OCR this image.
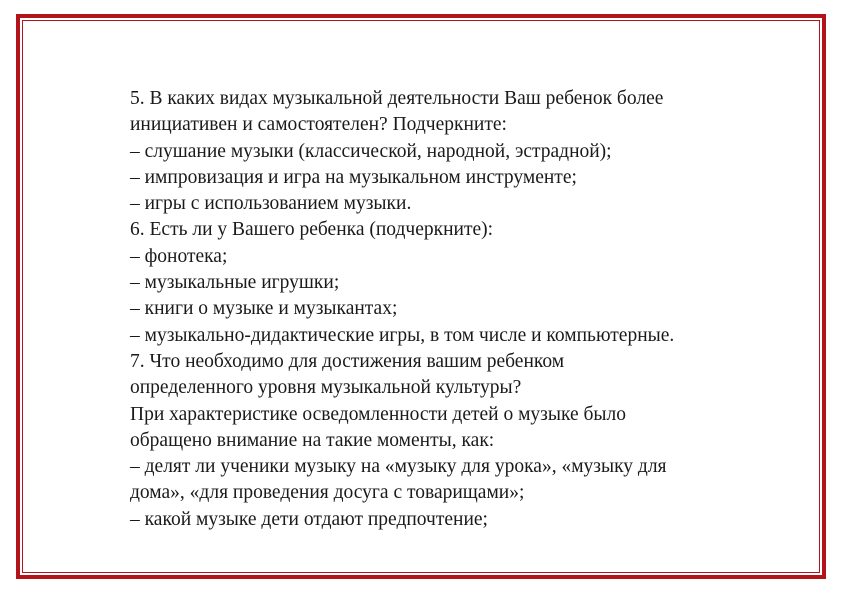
5. В каких видах музыкальной деятельности Ваш ребенок более
инициативен и самостоятелен? Подчеркните:
– слушание музыки (классической, народной, эстрадной);
– импровизация и игра на музыкальном инструменте;
– игры с использованием музыки.
6. Есть ли у Вашего ребенка (подчеркните):
– фонотека;
– музыкальные игрушки;
– книги о музыке и музыкантах;
– музыкально-дидактические игры, в том числе и компьютерные.
7. Что необходимо для достижения вашим ребенком
определенного уровня музыкальной культуры?
При характеристике осведомленности детей о музыке было
обращено внимание на такие моменты, как:
– делят ли ученики музыку на «музыку для урока», «музыку для
дома», «для проведения досуга с товарищами»;
– какой музыке дети отдают предпочтение;
